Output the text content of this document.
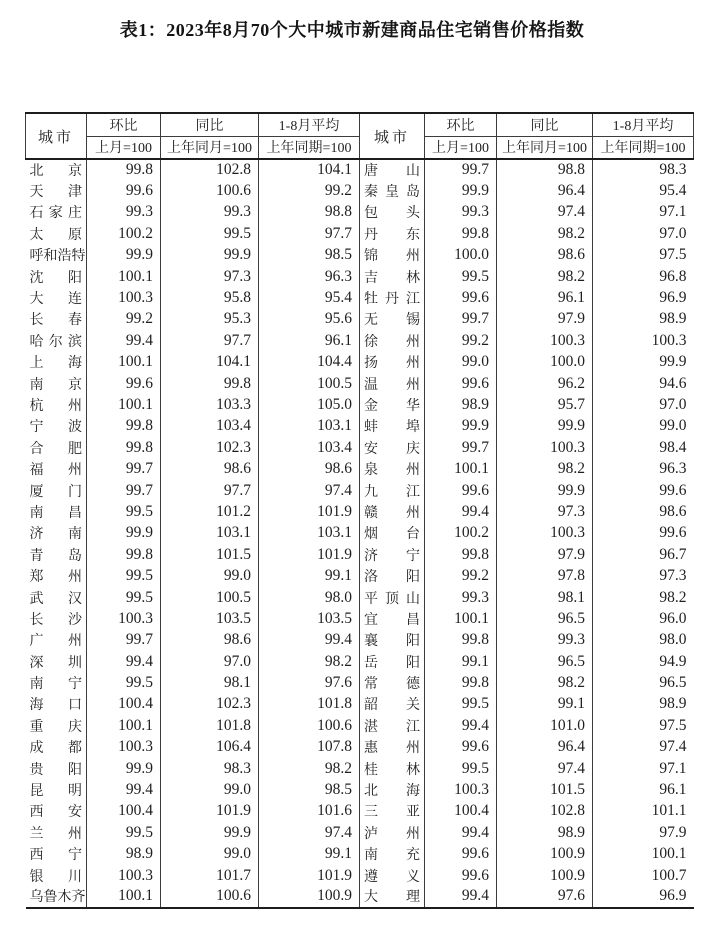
表1：2023年8月70个大中城市新建商品住宅销售价格指数
城市	环比	同比	1-8月平均	城市	环比	同比	1-8月平均
	上月=100	上年同月=100	上年同期=100		上月=100	上年同月=100	上年同期=100

北 京	99.8	102.8	104.1	唐 山	99.7	98.8	98.3

天 津	99.6	100.6	99.2	秦 皇 岛	99.9	96.4	95.4

石 家 庄	99.3	99.3	98.8	包 头	99.3	97.4	97.1

太 原	100.2	99.5	97.7	丹 东	99.8	98.2	97.0

呼 和 浩 特	99.9	99.9	98.5	锦 州	100.0	98.6	97.5

沈 阳	100.1	97.3	96.3	吉 林	99.5	98.2	96.8

大 连	100.3	95.8	95.4	牡 丹 江	99.6	96.1	96.9

长 春	99.2	95.3	95.6	无 锡	99.7	97.9	98.9

哈 尔 滨	99.4	97.7	96.1	徐 州	99.2	100.3	100.3

上 海	100.1	104.1	104.4	扬 州	99.0	100.0	99.9

南 京	99.6	99.8	100.5	温 州	99.6	96.2	94.6

杭 州	100.1	103.3	105.0	金 华	98.9	95.7	97.0

宁 波	99.8	103.4	103.1	蚌 埠	99.9	99.9	99.0

合 肥	99.8	102.3	103.4	安 庆	99.7	100.3	98.4

福 州	99.7	98.6	98.6	泉 州	100.1	98.2	96.3

厦 门	99.7	97.7	97.4	九 江	99.6	99.9	99.6

南 昌	99.5	101.2	101.9	赣 州	99.4	97.3	98.6

济 南	99.9	103.1	103.1	烟 台	100.2	100.3	99.6

青 岛	99.8	101.5	101.9	济 宁	99.8	97.9	96.7

郑 州	99.5	99.0	99.1	洛 阳	99.2	97.8	97.3

武 汉	99.5	100.5	98.0	平 顶 山	99.3	98.1	98.2

长 沙	100.3	103.5	103.5	宜 昌	100.1	96.5	96.0

广 州	99.7	98.6	99.4	襄 阳	99.8	99.3	98.0

深 圳	99.4	97.0	98.2	岳 阳	99.1	96.5	94.9

南 宁	99.5	98.1	97.6	常 德	99.8	98.2	96.5

海 口	100.4	102.3	101.8	韶 关	99.5	99.1	98.9

重 庆	100.1	101.8	100.6	湛 江	99.4	101.0	97.5

成 都	100.3	106.4	107.8	惠 州	99.6	96.4	97.4

贵 阳	99.9	98.3	98.2	桂 林	99.5	97.4	97.1

昆 明	99.4	99.0	98.5	北 海	100.3	101.5	96.1

西 安	100.4	101.9	101.6	三 亚	100.4	102.8	101.1

兰 州	99.5	99.9	97.4	泸 州	99.4	98.9	97.9

西 宁	98.9	99.0	99.1	南 充	99.6	100.9	100.1

银 川	100.3	101.7	101.9	遵 义	99.6	100.9	100.7

乌 鲁 木 齐	100.1	100.6	100.9	大 理	99.4	97.6	96.9
